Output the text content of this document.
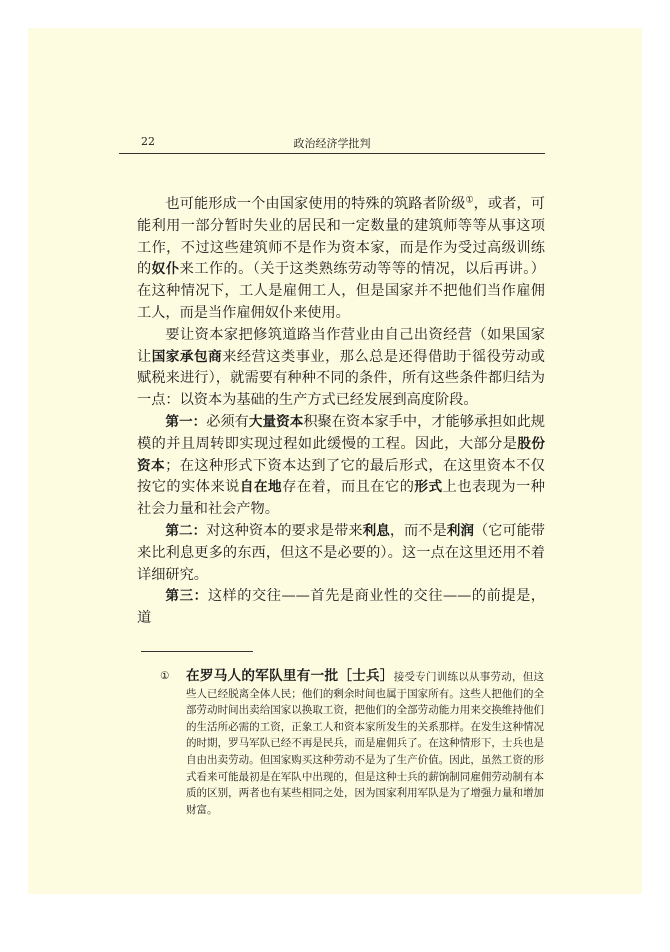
22	政治经济学批判

也可能形成一个由国家使用的特殊的筑路者阶级①，或者，可能利用一部分暂时失业的居民和一定数量的建筑师等等从事这项工作，不过这些建筑师不是作为资本家，而是作为受过高级训练的奴仆来工作的。（关于这类熟练劳动等等的情况，以后再讲。）在这种情况下，工人是雇佣工人，但是国家并不把他们当作雇佣工人，而是当作雇佣奴仆来使用。

要让资本家把修筑道路当作营业由自己出资经营（如果国家让国家承包商来经营这类事业，那么总是还得借助于徭役劳动或赋税来进行），就需要有种种不同的条件，所有这些条件都归结为一点：以资本为基础的生产方式已经发展到高度阶段。

第一：必须有大量资本积聚在资本家手中，才能够承担如此规模的并且周转即实现过程如此缓慢的工程。因此，大部分是股份资本；在这种形式下资本达到了它的最后形式，在这里资本不仅按它的实体来说自在地存在着，而且在它的形式上也表现为一种社会力量和社会产物。

第二：对这种资本的要求是带来利息，而不是利润（它可能带来比利息更多的东西，但这不是必要的）。这一点在这里还用不着详细研究。

第三：这样的交往——首先是商业性的交往——的前提是，道

① 在罗马人的军队里有一批［士兵］接受专门训练以从事劳动，但这些人已经脱离全体人民；他们的剩余时间也属于国家所有。这些人把他们的全部劳动时间出卖给国家以换取工资，把他们的全部劳动能力用来交换维持他们的生活所必需的工资，正象工人和资本家所发生的关系那样。在发生这种情况的时期，罗马军队已经不再是民兵，而是雇佣兵了。在这种情形下，士兵也是自由出卖劳动。但国家购买这种劳动不是为了生产价值。因此，虽然工资的形式看来可能最初是在军队中出现的，但是这种士兵的薪饷制同雇佣劳动制有本质的区别，两者也有某些相同之处，因为国家利用军队是为了增强力量和增加财富。
